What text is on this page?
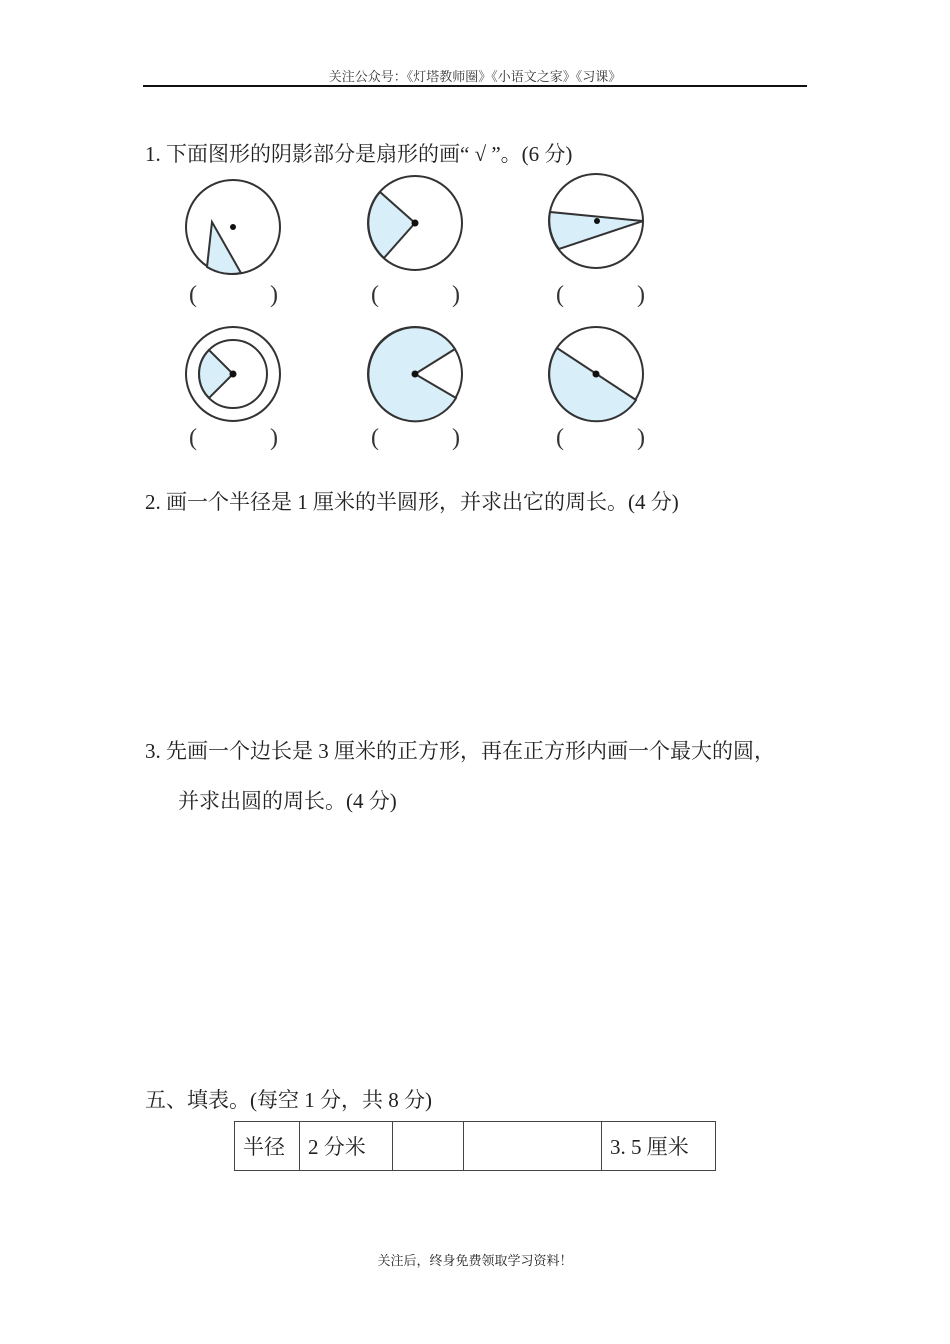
关注公众号：《灯塔教师圈》《小语文之家》《习课》
1. 下面图形的阴影部分是扇形的画“ √ ”。(6 分)
(	)	(	)	(	)
(	)	(	)	(	)
2. 画一个半径是 1 厘米的半圆形，并求出它的周长。(4 分)
3. 先画一个边长是 3 厘米的正方形，再在正方形内画一个最大的圆，
并求出圆的周长。(4 分)
五、填表。(每空 1 分，共 8 分)
半径	2 分米			3. 5 厘米
关注后，终身免费领取学习资料！
